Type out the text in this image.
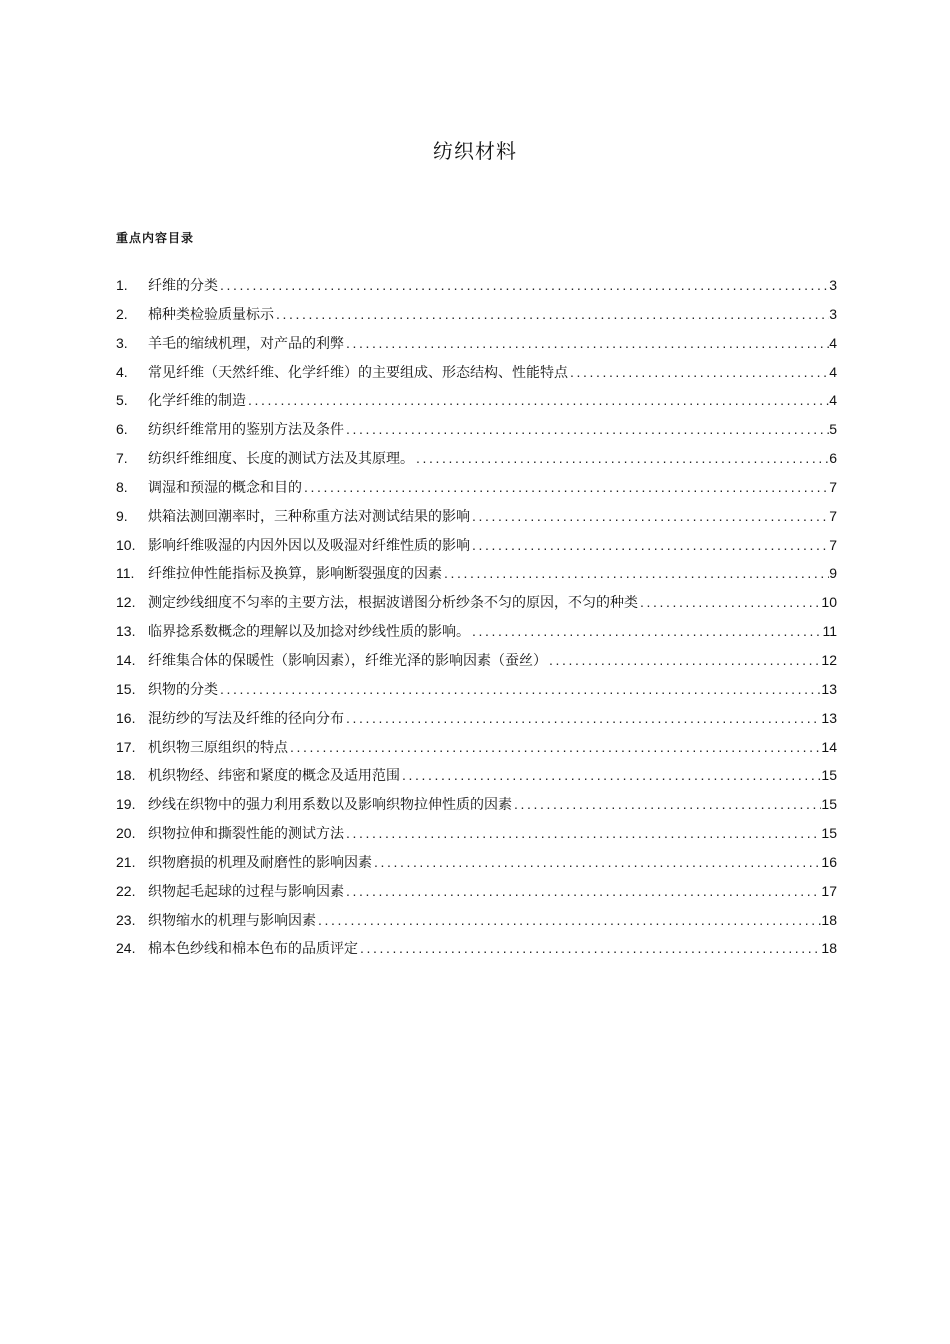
纺织材料
重点内容目录
1.	纤维的分类 .....	3
2.	棉种类检验质量标示 .....	3
3.	羊毛的缩绒机理，对产品的利弊 .....	4
4.	常见纤维（天然纤维、化学纤维）的主要组成、形态结构、性能特点 .....	4
5.	化学纤维的制造 .....	4
6.	纺织纤维常用的鉴别方法及条件 .....	5
7.	纺织纤维细度、长度的测试方法及其原理。 .....	6
8.	调湿和预湿的概念和目的 .....	7
9.	烘箱法测回潮率时，三种称重方法对测试结果的影响 .....	7
10. 影响纤维吸湿的内因外因以及吸湿对纤维性质的影响 .....	7
11. 纤维拉伸性能指标及换算，影响断裂强度的因素 .....	9
12. 测定纱线细度不匀率的主要方法，根据波谱图分析纱条不匀的原因，不匀的种类 .....	10
13. 临界捻系数概念的理解以及加捻对纱线性质的影响。 .....	11
14. 纤维集合体的保暖性（影响因素），纤维光泽的影响因素（蚕丝） .....	12
15. 织物的分类 .....	13
16. 混纺纱的写法及纤维的径向分布 .....	13
17. 机织物三原组织的特点 .....	14
18. 机织物经、纬密和紧度的概念及适用范围 .....	15
19. 纱线在织物中的强力利用系数以及影响织物拉伸性质的因素 .....	15
20. 织物拉伸和撕裂性能的测试方法 .....	15
21. 织物磨损的机理及耐磨性的影响因素 .....	16
22. 织物起毛起球的过程与影响因素 .....	17
23. 织物缩水的机理与影响因素 .....	18
24. 棉本色纱线和棉本色布的品质评定 .....	18
